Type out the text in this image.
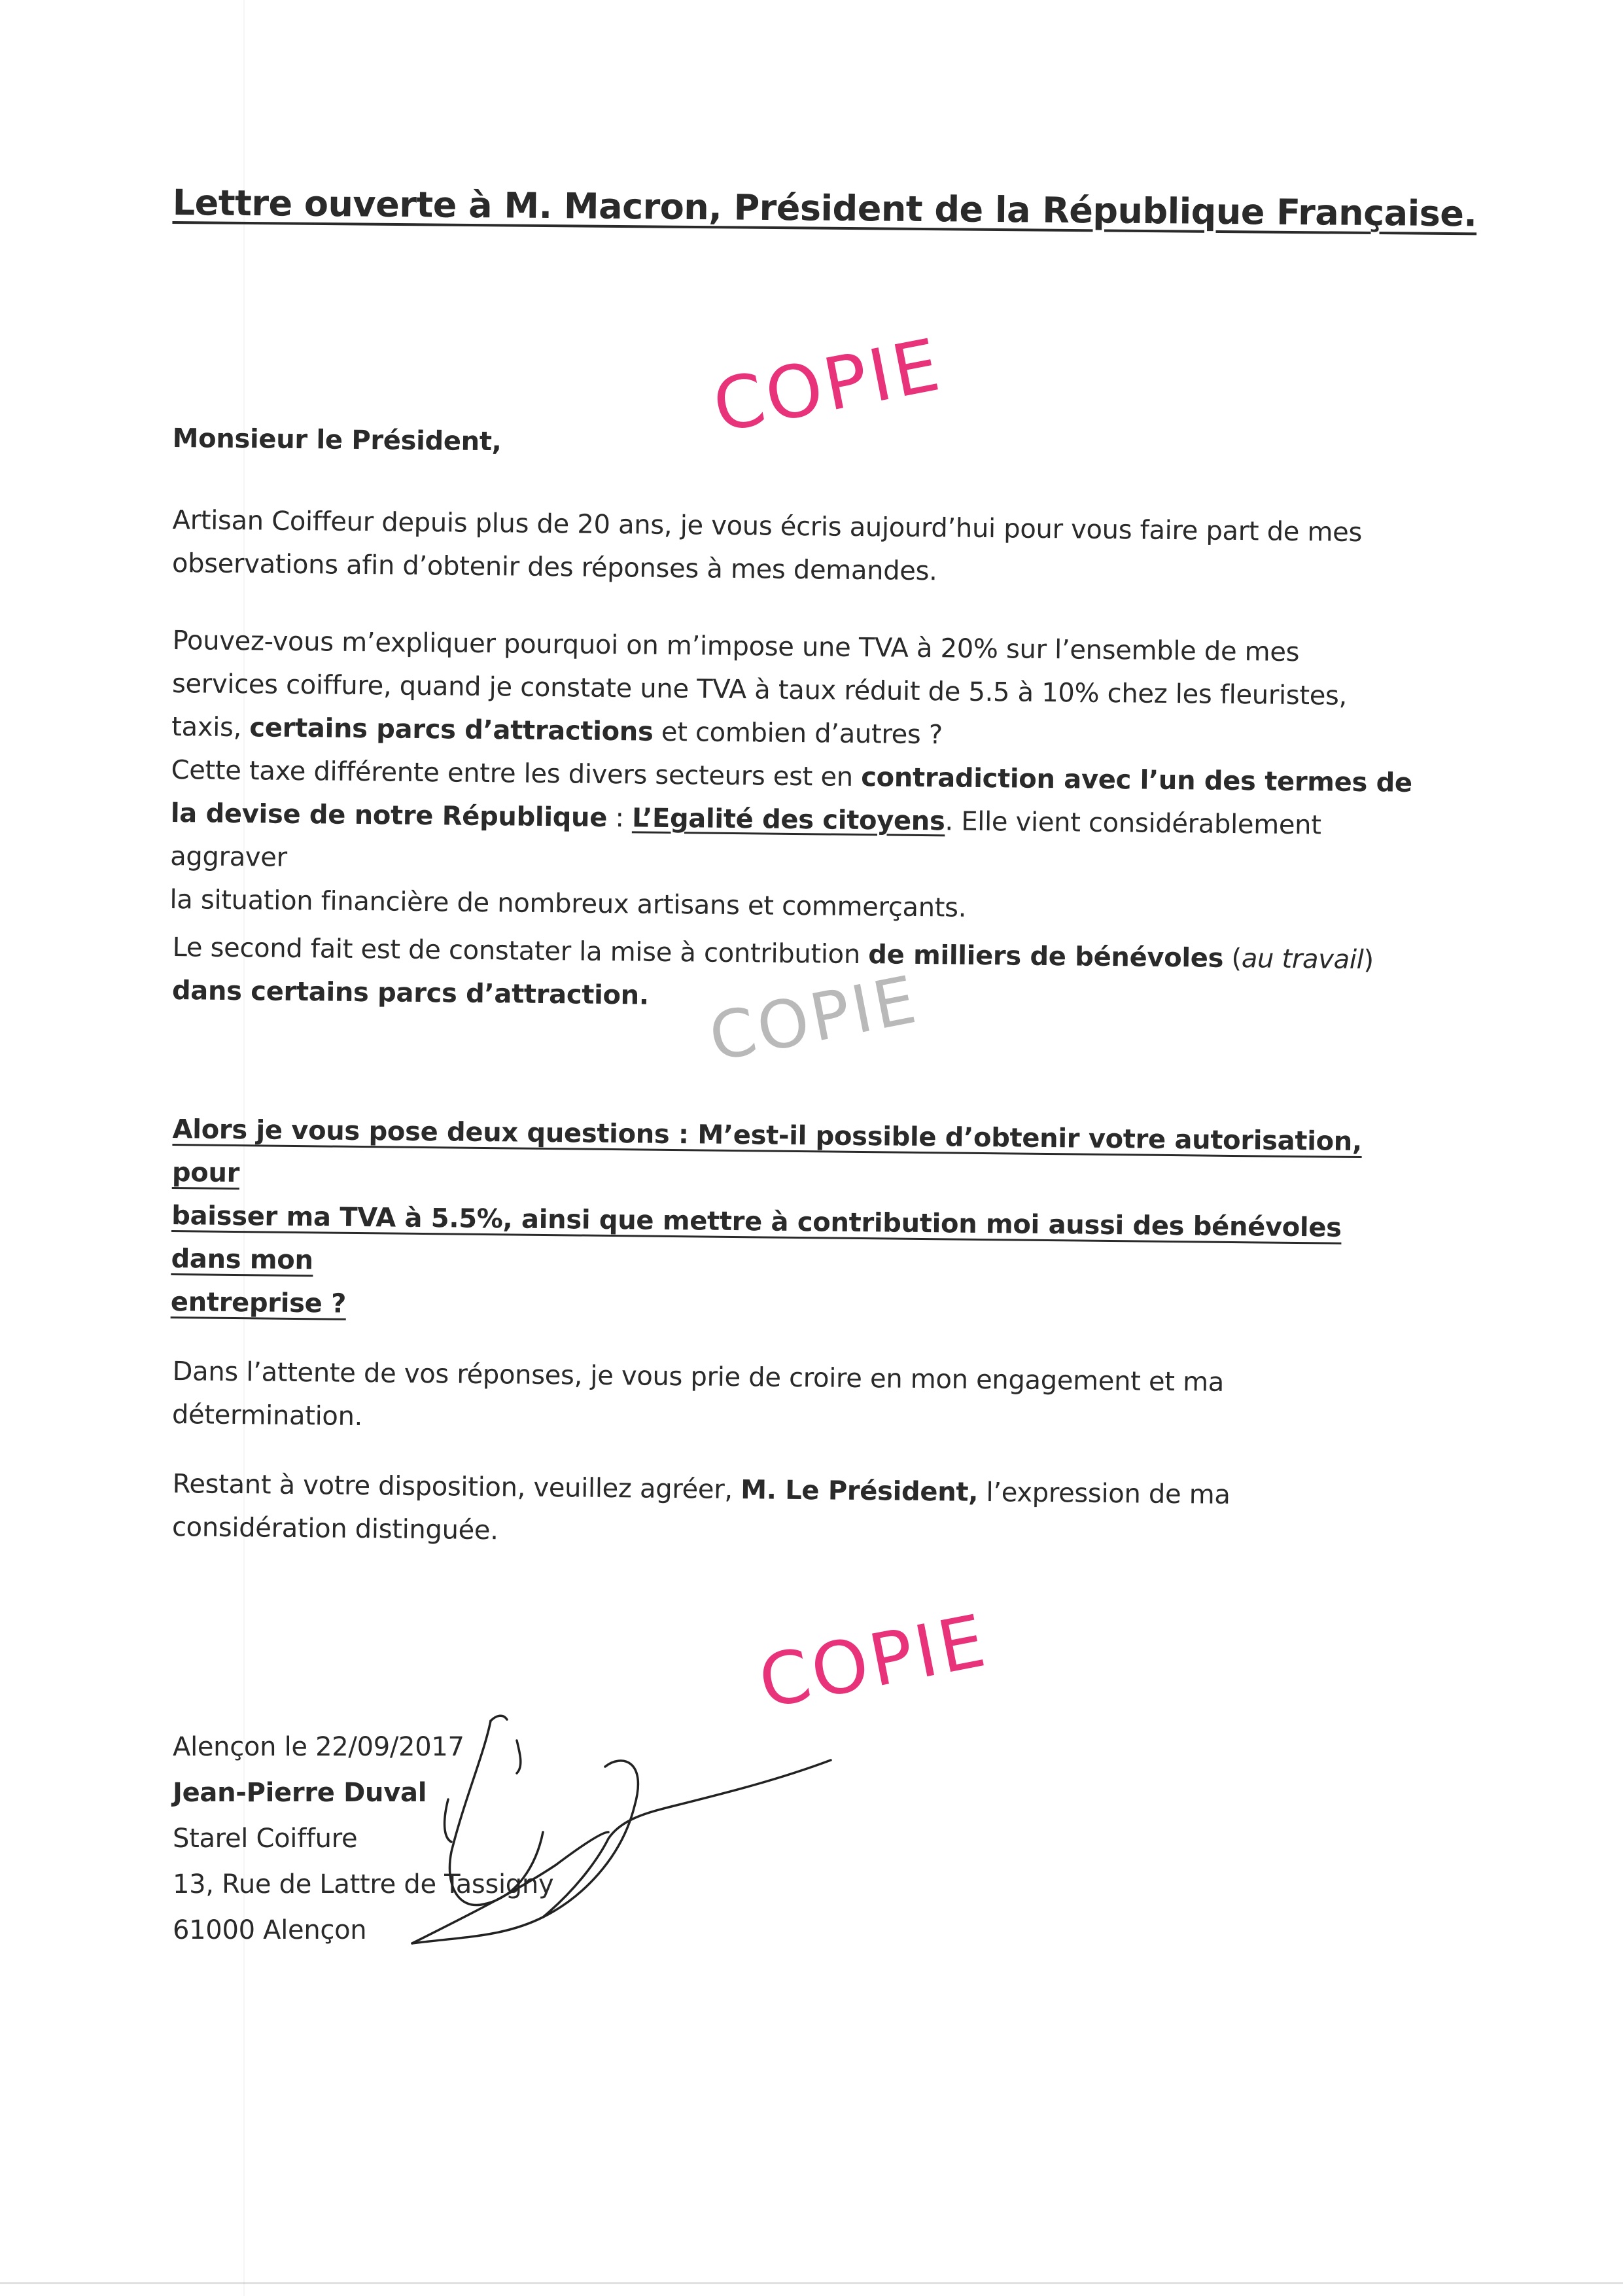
Lettre ouverte à M. Macron, Président de la République Française.

Monsieur le Président,

Artisan Coiffeur depuis plus de 20 ans, je vous écris aujourd’hui pour vous faire part de mes

observations afin d’obtenir des réponses à mes demandes.

Pouvez-vous m’expliquer pourquoi on m’impose une TVA à 20% sur l’ensemble de mes

services coiffure, quand je constate une TVA à taux réduit de 5.5 à 10% chez les fleuristes,

taxis, certains parcs d’attractions et combien d’autres ?

Cette taxe différente entre les divers secteurs est en contradiction avec l’un des termes de

la devise de notre République : L’Egalité des citoyens. Elle vient considérablement aggraver

la situation financière de nombreux artisans et commerçants.

Le second fait est de constater la mise à contribution de milliers de bénévoles (au travail)

dans certains parcs d’attraction.

Alors je vous pose deux questions : M’est-il possible d’obtenir votre autorisation, pour

baisser ma TVA à 5.5%, ainsi que mettre à contribution moi aussi des bénévoles dans mon

entreprise ?

Dans l’attente de vos réponses, je vous prie de croire en mon engagement et ma

détermination.

Restant à votre disposition, veuillez agréer, M. Le Président, l’expression de ma

considération distinguée.

Alençon le 22/09/2017

Jean-Pierre Duval

Starel Coiffure

13, Rue de Lattre de Tassigny

61000 Alençon

COPIE
COPIE
COPIE
